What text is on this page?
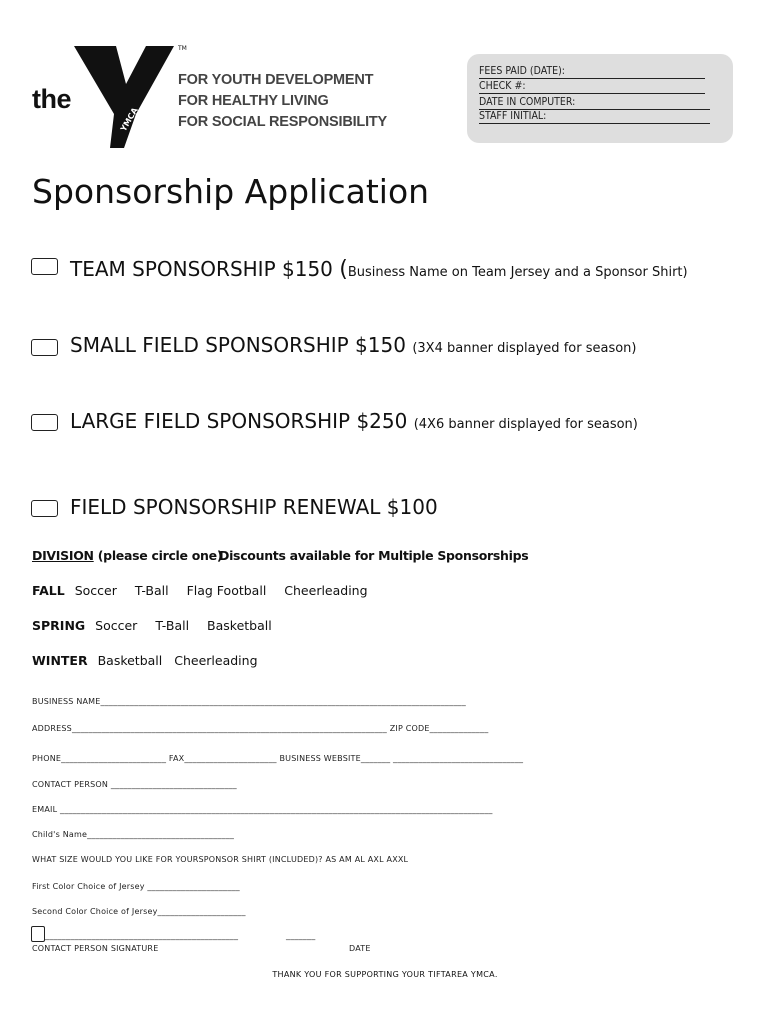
the
YMCA
TM
FOR YOUTH DEVELOPMENT
FOR HEALTHY LIVING
FOR SOCIAL RESPONSIBILITY
FEES PAID (DATE):
CHECK #:
DATE IN COMPUTER:
STAFF INITIAL:
Sponsorship Application
TEAM SPONSORSHIP $150 (Business Name on Team Jersey and a Sponsor Shirt)
SMALL FIELD SPONSORSHIP $150 (3X4 banner displayed for season)
LARGE FIELD SPONSORSHIP $250 (4X6 banner displayed for season)
FIELD SPONSORSHIP RENEWAL $100
DIVISION (please circle one)
Discounts available for Multiple Sponsorships
FALL Soccer T-Ball Flag Football Cheerleading
SPRING Soccer T-Ball Basketball
WINTER Basketball Cheerleading
BUSINESS NAME_______________________________________________________________________________________
ADDRESS___________________________________________________________________________ ZIP CODE______________
PHONE_________________________ FAX______________________ BUSINESS WEBSITE_______ _______________________________
CONTACT PERSON ______________________________
EMAIL _______________________________________________________________________________________________________
Child's Name___________________________________
WHAT SIZE WOULD YOU LIKE FOR YOURSPONSOR SHIRT (INCLUDED)? AS AM AL AXL AXXL
First Color Choice of Jersey ______________________
Second Color Choice of Jersey_____________________
______________________________________________	_______
CONTACT PERSON SIGNATURE	DATE
THANK YOU FOR SUPPORTING YOUR TIFTAREA YMCA.
